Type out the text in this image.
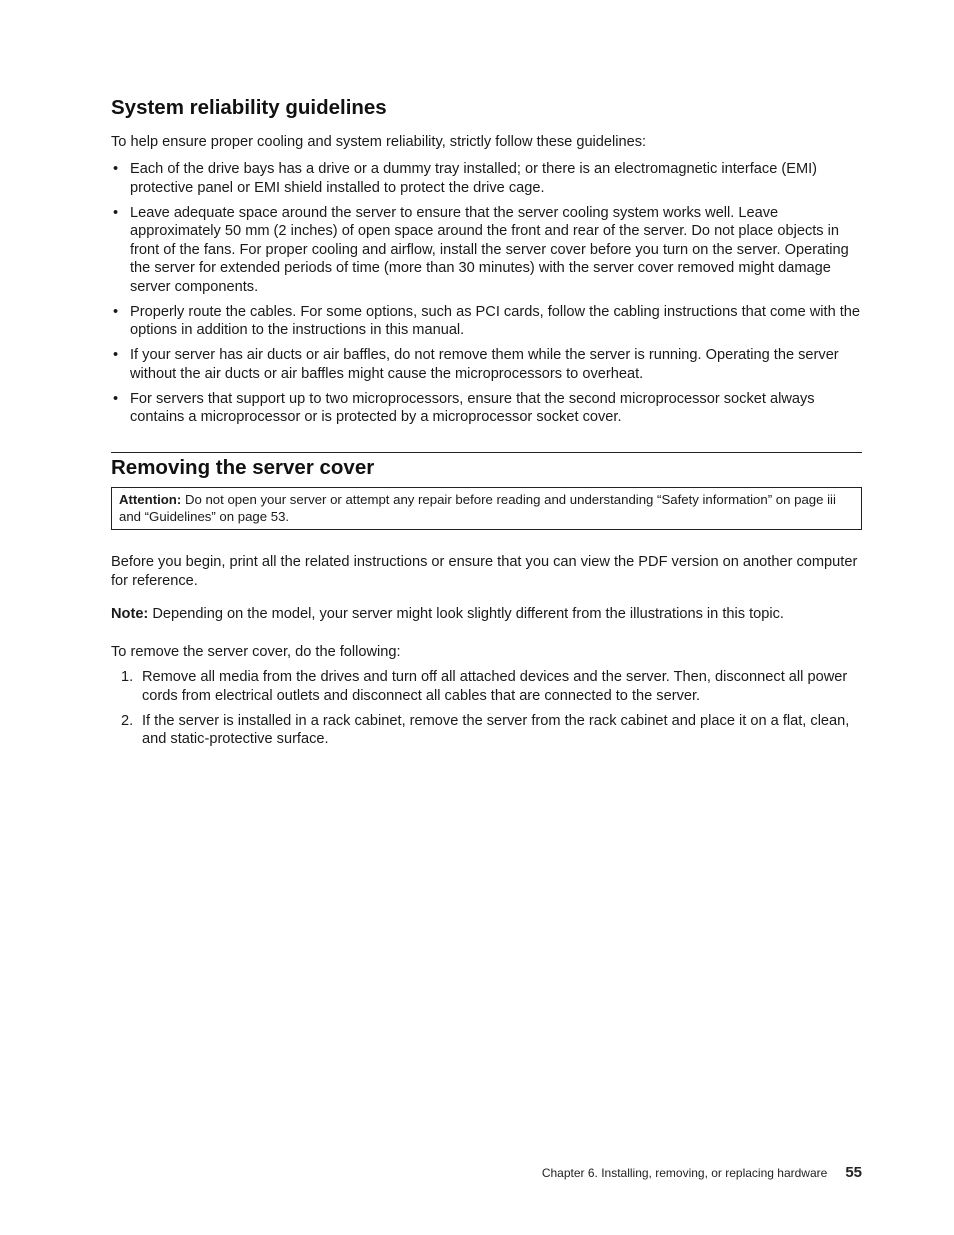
System reliability guidelines
To help ensure proper cooling and system reliability, strictly follow these guidelines:
• Each of the drive bays has a drive or a dummy tray installed; or there is an electromagnetic interface (EMI) protective panel or EMI shield installed to protect the drive cage.
• Leave adequate space around the server to ensure that the server cooling system works well. Leave approximately 50 mm (2 inches) of open space around the front and rear of the server. Do not place objects in front of the fans. For proper cooling and airflow, install the server cover before you turn on the server. Operating the server for extended periods of time (more than 30 minutes) with the server cover removed might damage server components.
• Properly route the cables. For some options, such as PCI cards, follow the cabling instructions that come with the options in addition to the instructions in this manual.
• If your server has air ducts or air baffles, do not remove them while the server is running. Operating the server without the air ducts or air baffles might cause the microprocessors to overheat.
• For servers that support up to two microprocessors, ensure that the second microprocessor socket always contains a microprocessor or is protected by a microprocessor socket cover.
Removing the server cover
Attention: Do not open your server or attempt any repair before reading and understanding “Safety information” on page iii and “Guidelines” on page 53.

Before you begin, print all the related instructions or ensure that you can view the PDF version on another computer for reference.

Note: Depending on the model, your server might look slightly different from the illustrations in this topic.

To remove the server cover, do the following:

1. Remove all media from the drives and turn off all attached devices and the server. Then, disconnect all power cords from electrical outlets and disconnect all cables that are connected to the server.
2. If the server is installed in a rack cabinet, remove the server from the rack cabinet and place it on a flat, clean, and static-protective surface.
Chapter 6. Installing, removing, or replacing hardware 55
